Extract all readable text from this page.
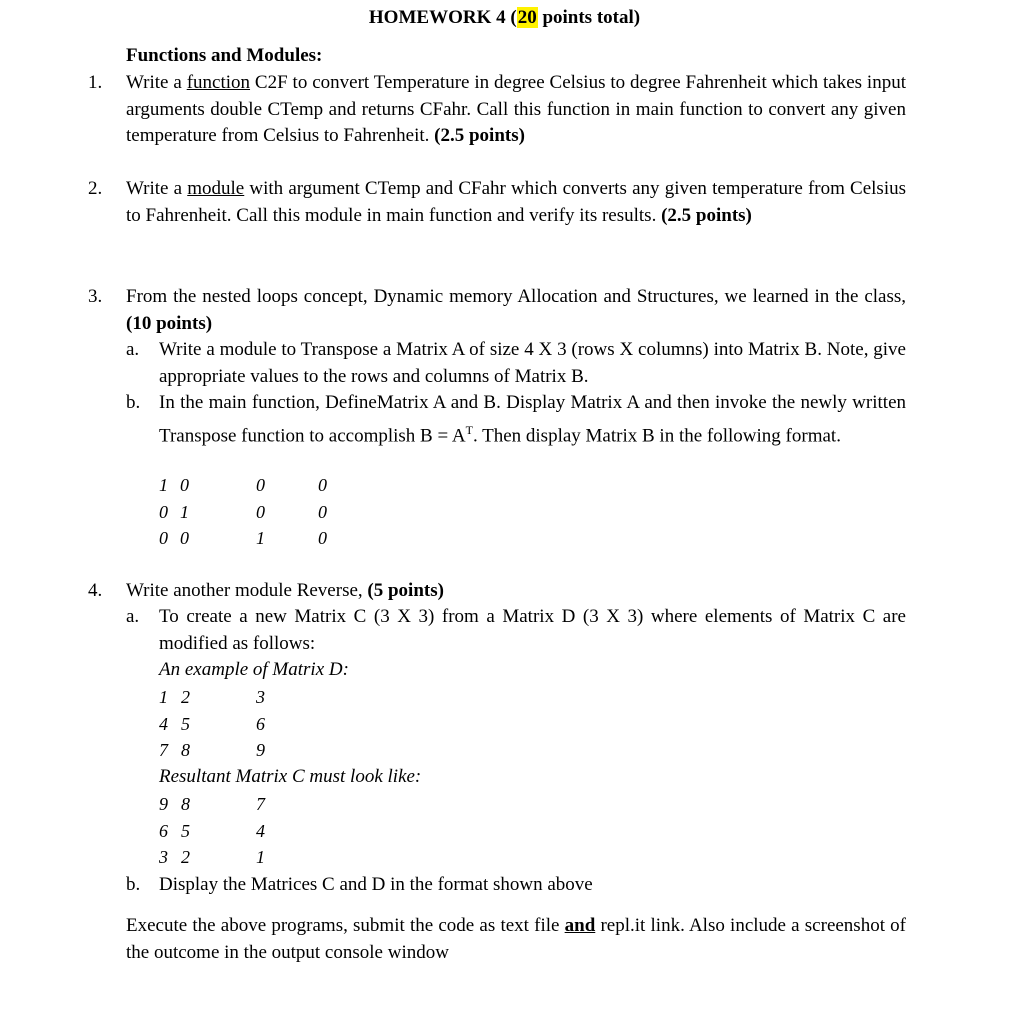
HOMEWORK 4 (20 points total)
Functions and Modules:
1. Write a function C2F to convert Temperature in degree Celsius to degree Fahrenheit which takes input arguments double CTemp and returns CFahr. Call this function in main function to convert any given temperature from Celsius to Fahrenheit. (2.5 points)
2. Write a module with argument CTemp and CFahr which converts any given temperature from Celsius to Fahrenheit. Call this module in main function and verify its results. (2.5 points)
3. From the nested loops concept, Dynamic memory Allocation and Structures, we learned in the class, (10 points)
a. Write a module to Transpose a Matrix A of size 4 X 3 (rows X columns) into Matrix B. Note, give appropriate values to the rows and columns of Matrix B.
b. In the main function, DefineMatrix A and B. Display Matrix A and then invoke the newly written Transpose function to accomplish $B = A^T$. Then display Matrix B in the following format.
1 0	0	0
0 1	0	0
0 0	1	0
4. Write another module Reverse, (5 points)
a. To create a new Matrix C (3 X 3) from a Matrix D (3 X 3) where elements of Matrix C are modified as follows:
An example of Matrix D:
1 2	3
4 5	6
7 8	9
Resultant Matrix C must look like:
9 8	7
6 5	4
3 2	1
b. Display the Matrices C and D in the format shown above
Execute the above programs, submit the code as text file and repl.it link. Also include a screenshot of the outcome in the output console window
